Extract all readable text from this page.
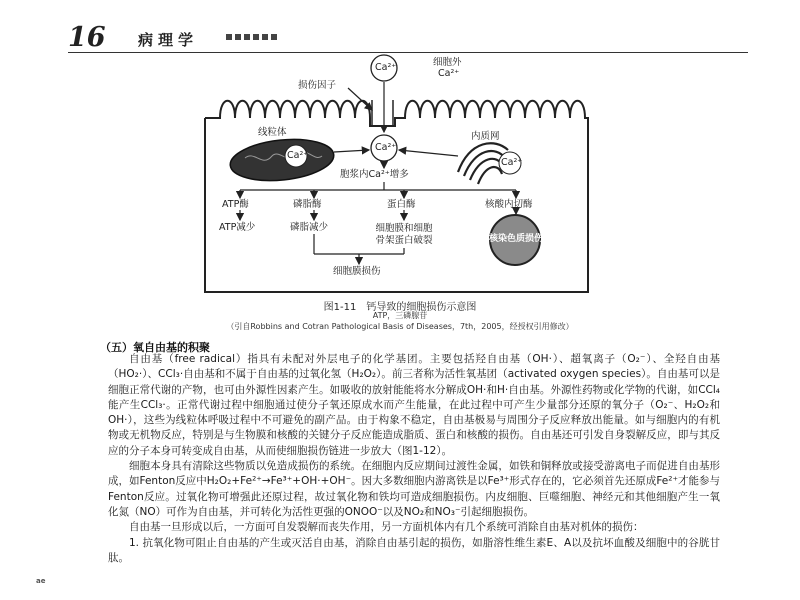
16 病理学
细胞外
Ca²⁺
Ca²⁺
损伤因子
线粒体
Ca²⁺
内质网
Ca²⁺
Ca²⁺
胞浆内Ca²⁺增多
ATP酶	磷脂酶	蛋白酶	核酸内切酶
ATP减少	磷脂减少	细胞膜和细胞骨架蛋白破裂	核染色质损伤
细胞膜损伤
图1-11　钙导致的细胞损伤示意图
ATP，三磷腺苷
（引自Robbins and Cotran Pathological Basis of Diseases，7th，2005，经授权引用修改）
（五）氧自由基的积聚

自由基（free radical）指具有未配对外层电子的化学基团。主要包括羟自由基（OH·）、超氧离子（O₂⁻）、全羟自由基（HO₂·）、CCl₃·自由基和不属于自由基的过氧化氢（H₂O₂）。前三者称为活性氧基团（activated oxygen species）。自由基可以是细胞正常代谢的产物，也可由外源性因素产生。如吸收的放射能能将水分解成OH·和H·自由基。外源性药物或化学物的代谢，如CCl₄能产生CCl₃·。正常代谢过程中细胞通过使分子氧还原成水而产生能量，在此过程中可产生少量部分还原的氧分子（O₂⁻、H₂O₂和OH·），这些为线粒体呼吸过程中不可避免的副产品。由于构象不稳定，自由基极易与周围分子反应释放出能量。如与细胞内的有机物或无机物反应，特别是与生物膜和核酸的关键分子反应能造成脂质、蛋白和核酸的损伤。自由基还可引发自身裂解反应，即与其反应的分子本身可转变成自由基，从而使细胞损伤链进一步放大（图1-12）。

细胞本身具有清除这些物质以免造成损伤的系统。在细胞内反应期间过渡性金属，如铁和铜释放或接受游离电子而促进自由基形成，如Fenton反应中H₂O₂+Fe²⁺→Fe³⁺+OH·+OH⁻。因大多数细胞内游离铁是以Fe³⁺形式存在的，它必须首先还原成Fe²⁺才能参与Fenton反应。过氧化物可增强此还原过程，故过氧化物和铁均可造成细胞损伤。内皮细胞、巨噬细胞、神经元和其他细胞产生一氧化氮（NO）可作为自由基，并可转化为活性更强的ONOO⁻以及NO₂和NO₃⁻引起细胞损伤。

自由基一旦形成以后，一方面可自发裂解而丧失作用，另一方面机体内有几个系统可消除自由基对机体的损伤：

1. 抗氧化物可阻止自由基的产生或灭活自由基，消除自由基引起的损伤，如脂溶性维生素E、A以及抗坏血酸及细胞中的谷胱甘肽。

ae
